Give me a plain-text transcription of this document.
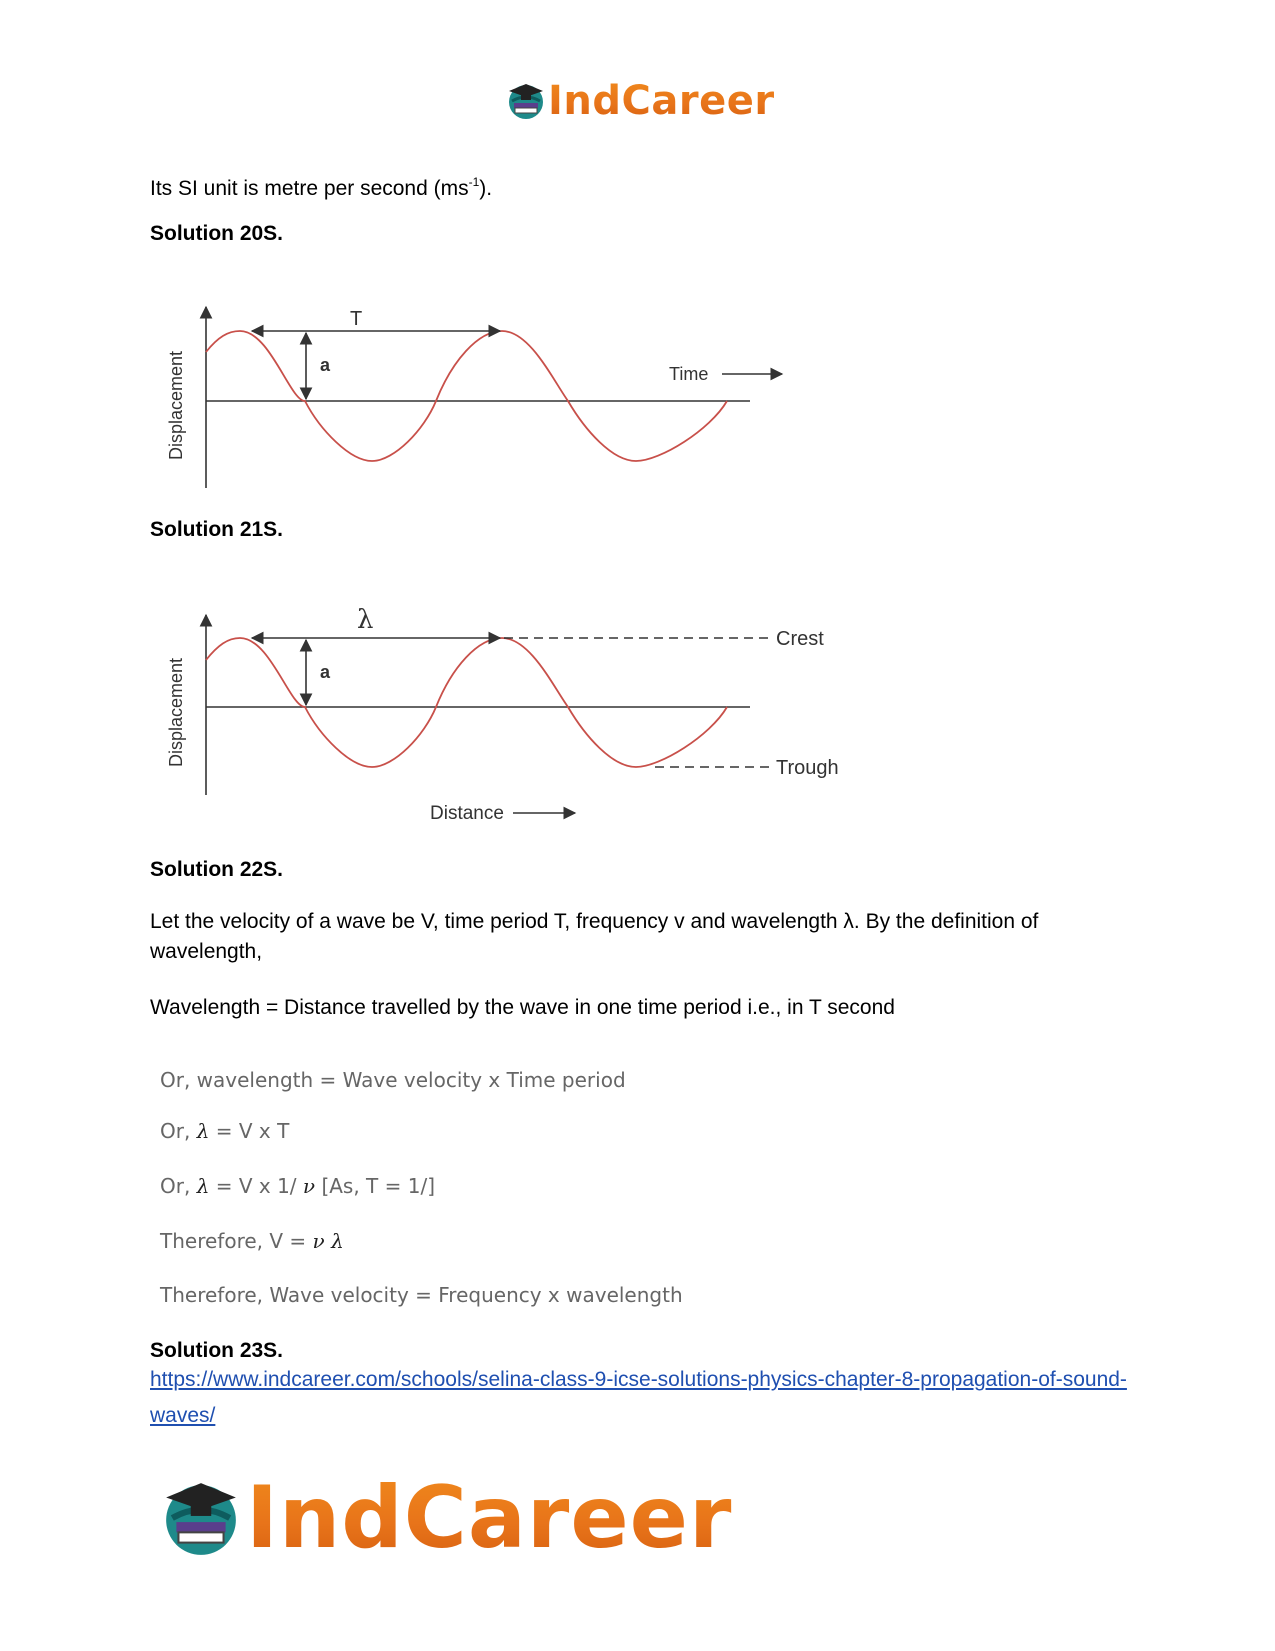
IndCareer
Its SI unit is metre per second $(ms^{-1})$.
Solution 20S.
T
a	Time
Displacement
Solution 21S.
λ
a
Crest
Trough
Distance
Displacement
Solution 22S.
Let the velocity of a wave be V, time period T, frequency v and wavelength λ. By the definition of wavelength,
Wavelength = Distance travelled by the wave in one time period i.e., in T second
Or, wavelength = Wave velocity x Time period
Or, λ = V x T
Or, λ = V x 1/ ν [As, T = 1/]
Therefore, V = ν λ
Therefore, Wave velocity = Frequency x wavelength
Solution 23S.
https://www.indcareer.com/schools/selina-class-9-icse-solutions-physics-chapter-8-propagation-of-sound-waves/
IndCareer
